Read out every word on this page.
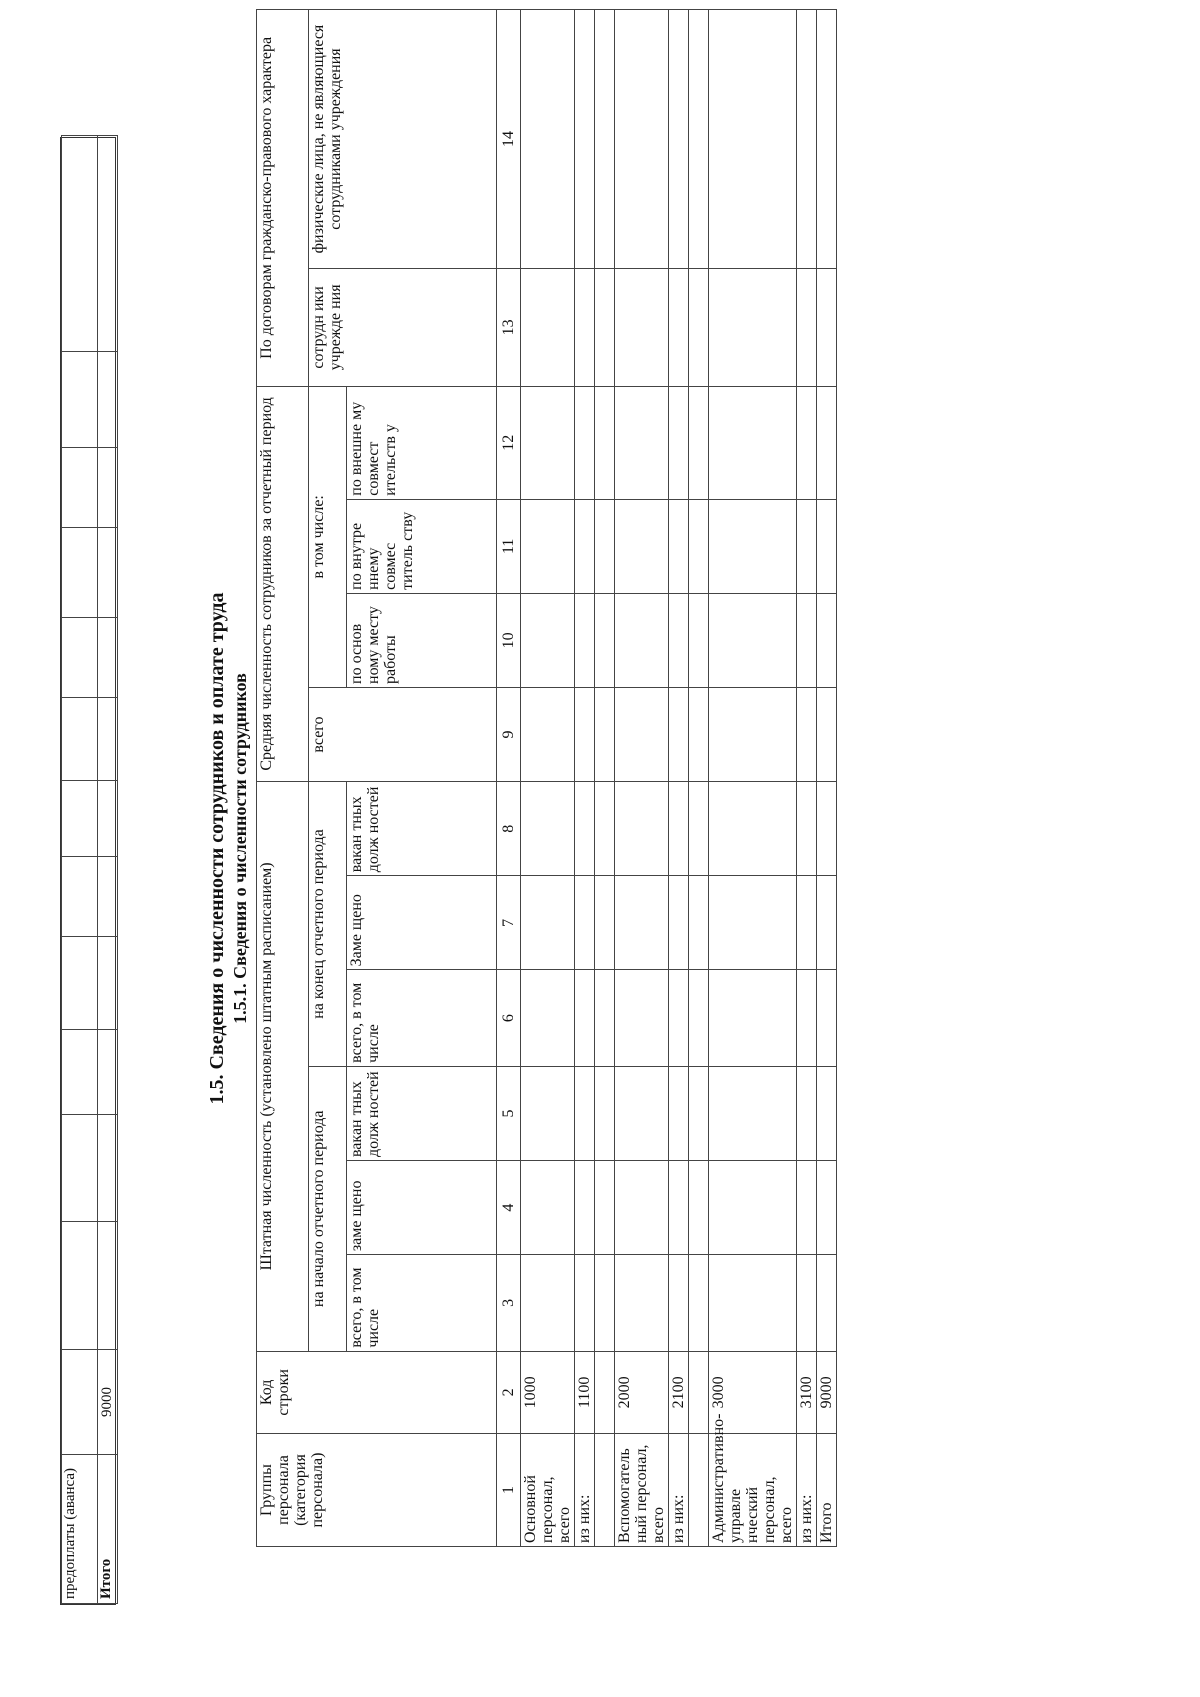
предоплаты (аванса)													
Итого	9000												
1.5. Сведения о численности сотрудников и оплате труда 1.5.1. Сведения о численности сотрудников
Группы персонала (категория персонала)	Код строки	Штатная численность (установлено штатным расписанием)						Средняя численность сотрудников за отчетный период				По договорам гражданско-правового характера	
		на начало отчетного периода			на конец отчетного периода			всего	в том числе:			сотрудн ики учрежде ния	физические лица, не являющиеся сотрудниками учреждения
		всего, в том числе	заме щено	вакан тных долж ностей	всего, в том числе	Заме щено	вакан тных долж ностей		по основ ному месту работы	по внутре ннему совмес титель ству	по внешне му совмест ительств у		
1	2	3	4	5	6	7	8	9	10	11	12	13	14
Основной персонал, всего	1000												
из них:	1100												

Вспомогатель ный персонал, всего	2000												
из них:	2100												

Административно-управле нческий персонал, всего	3000												
из них:	3100												
Итого	9000												
